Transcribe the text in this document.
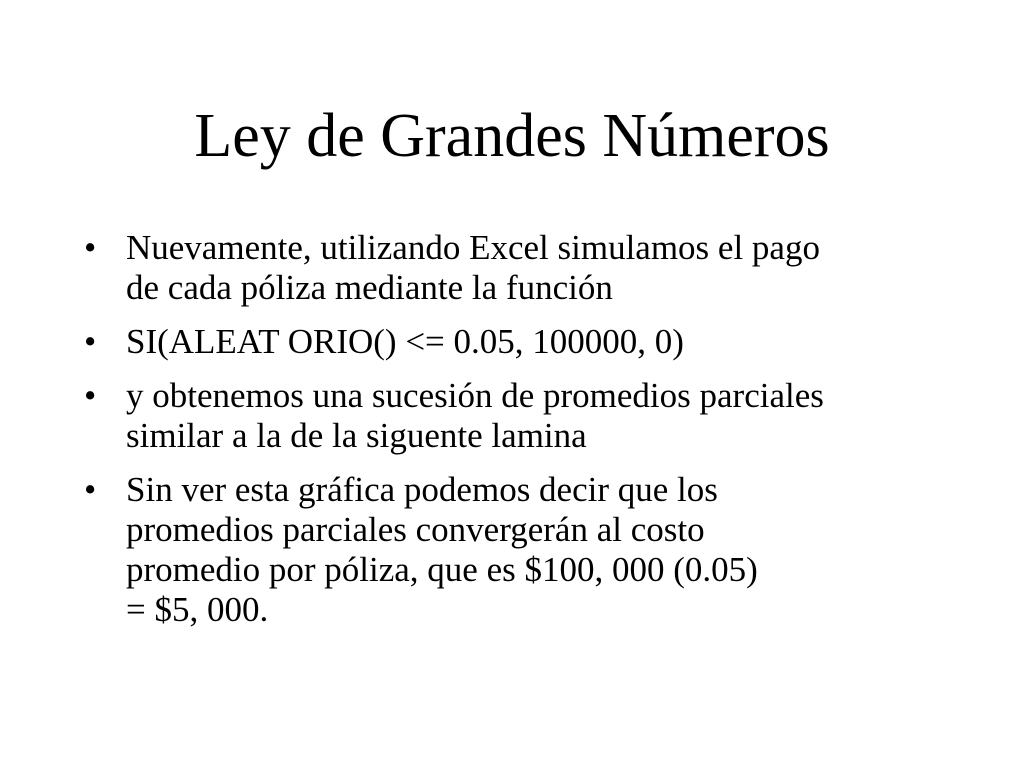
Ley de Grandes Números
• Nuevamente, utilizando Excel simulamos el pago
de cada póliza mediante la función
• SI(ALEAT ORIO() <= 0.05, 100000, 0)
• y obtenemos una sucesión de promedios parciales
similar a la de la siguente lamina
• Sin ver esta gráfica podemos decir que los
promedios parciales convergerán al costo
promedio por póliza, que es $100, 000 (0.05)
= $5, 000.
